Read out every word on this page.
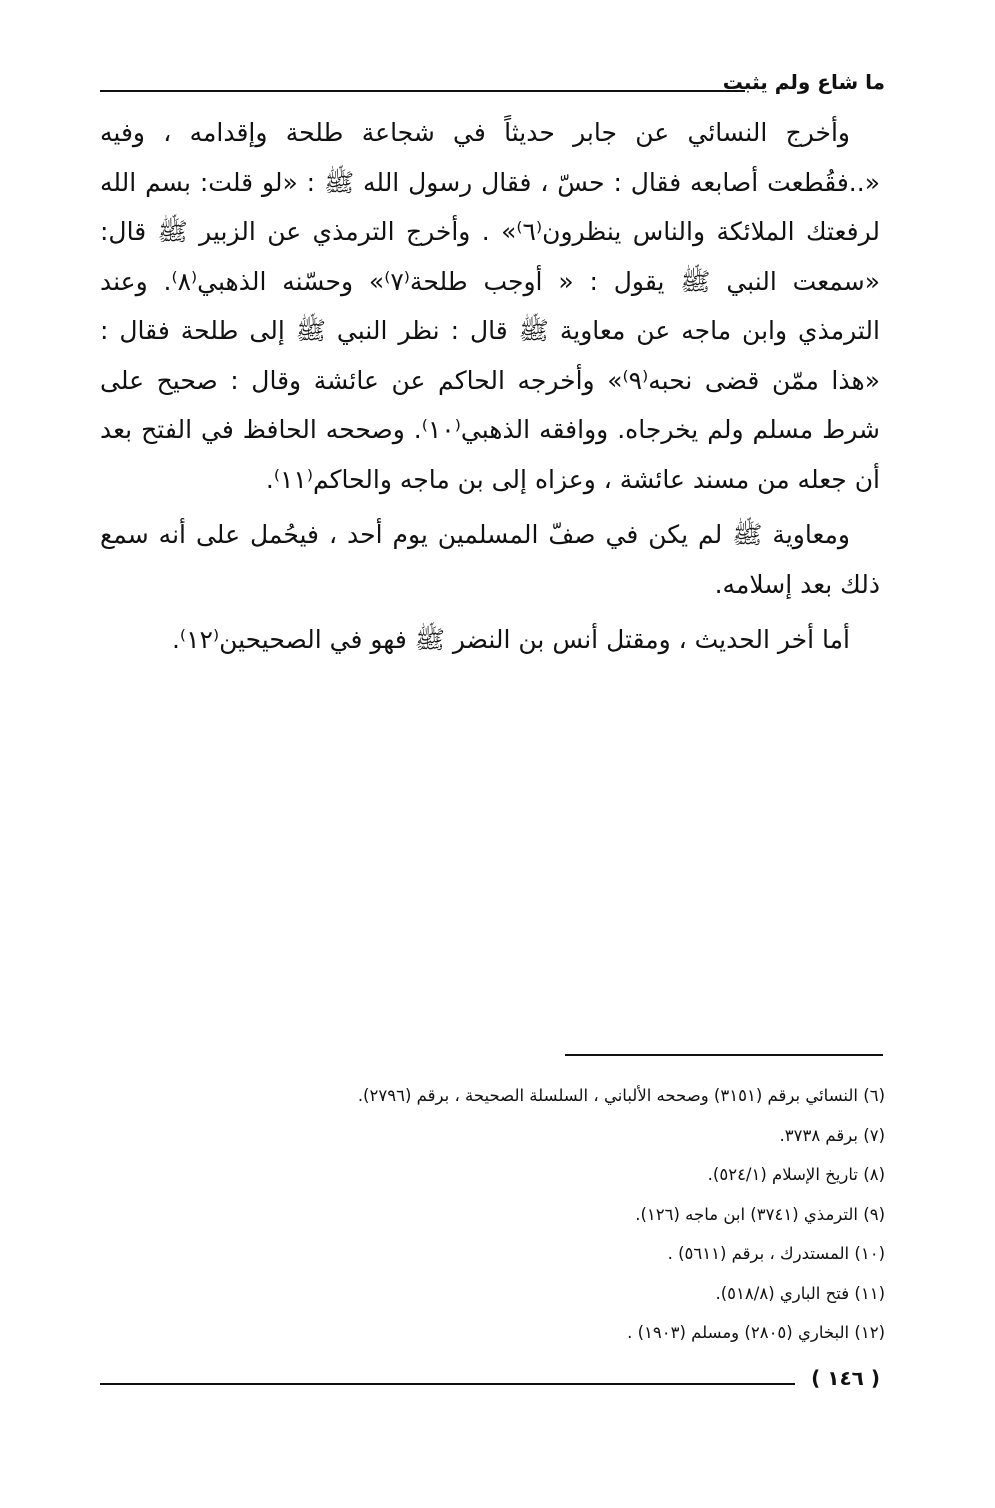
ما شاع ولم يثبت

وأخرج النسائي عن جابر حديثاً في شجاعة طلحة وإقدامه ، وفيه «..فقُطعت أصابعه فقال : حسّ ، فقال رسول الله ﷺ : «لو قلت: بسم الله لرفعتك الملائكة والناس ينظرون⁽٦⁾» . وأخرج الترمذي عن الزبير ﷺ قال: «سمعت النبي ﷺ يقول : « أوجب طلحة⁽٧⁾» وحسّنه الذهبي⁽٨⁾. وعند الترمذي وابن ماجه عن معاوية ﷺ قال : نظر النبي ﷺ إلى طلحة فقال : «هذا ممّن قضى نحبه⁽٩⁾» وأخرجه الحاكم عن عائشة وقال : صحيح على شرط مسلم ولم يخرجاه. ووافقه الذهبي⁽١٠⁾. وصححه الحافظ في الفتح بعد أن جعله من مسند عائشة ، وعزاه إلى بن ماجه والحاكم⁽١١⁾.

ومعاوية ﷺ لم يكن في صفّ المسلمين يوم أحد ، فيحُمل على أنه سمع ذلك بعد إسلامه.

أما أخر الحديث ، ومقتل أنس بن النضر ﷺ فهو في الصحيحين⁽١٢⁾.

(٦) النسائي برقم (٣١٥١) وصححه الألباني ، السلسلة الصحيحة ، برقم (٢٧٩٦).
(٧) برقم ٣٧٣٨.
(٨) تاريخ الإسلام (٥٢٤/١).
(٩) الترمذي (٣٧٤١) ابن ماجه (١٢٦).
(١٠) المستدرك ، برقم (٥٦١١) .
(١١) فتح الباري (٥١٨/٨).
(١٢) البخاري (٢٨٠٥) ومسلم (١٩٠٣) .
( ١٤٦ )
